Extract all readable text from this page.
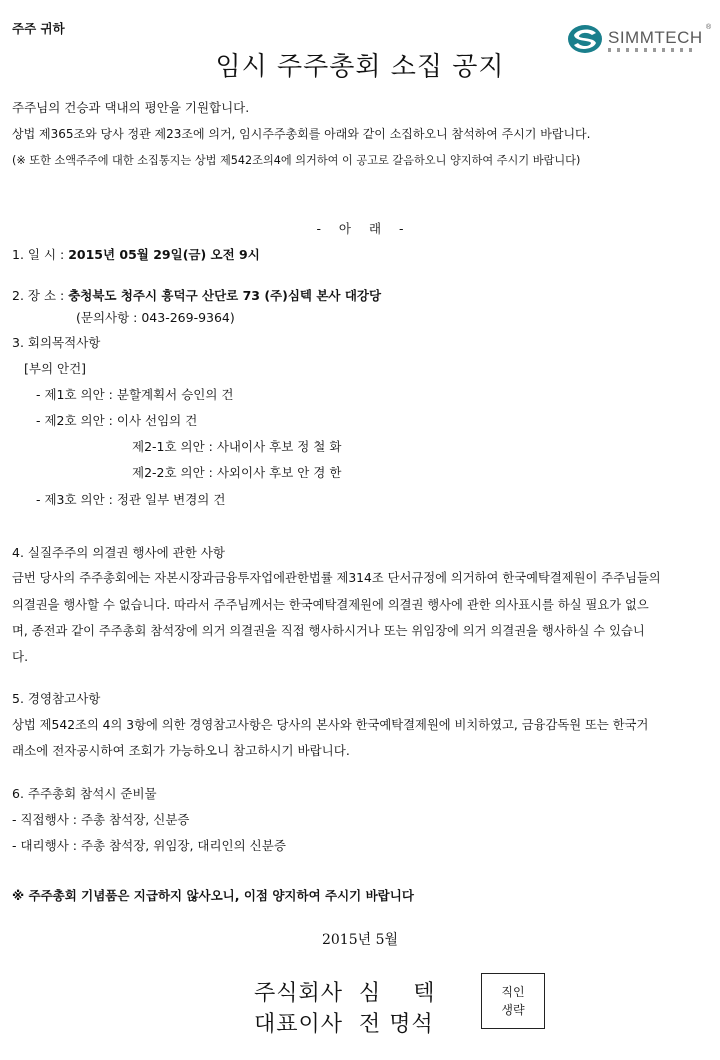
주주 귀하	SIMMTECH
®
임시 주주총회 소집 공지
주주님의 건승과 댁내의 평안을 기원합니다.
상법 제365조와 당사 정관 제23조에 의거, 임시주주총회를 아래와 같이 소집하오니 참석하여 주시기 바랍니다.
(※ 또한 소액주주에 대한 소집통지는 상법 제542조의4에 의거하여 이 공고로 갈음하오니 양지하여 주시기 바랍니다)
- 아 래 -
1. 일 시 : 2015년 05월 29일(금) 오전 9시
2. 장 소 : 충청북도 청주시 흥덕구 산단로 73 (주)심텍 본사 대강당
(문의사항 : 043-269-9364)
3. 회의목적사항
[부의 안건]
- 제1호 의안 : 분할계획서 승인의 건
- 제2호 의안 : 이사 선임의 건
제2-1호 의안 : 사내이사 후보 정 철 화
제2-2호 의안 : 사외이사 후보 안 경 한
- 제3호 의안 : 정관 일부 변경의 건
4. 실질주주의 의결권 행사에 관한 사항
금번 당사의 주주총회에는 자본시장과금융투자업에관한법률 제314조 단서규정에 의거하여 한국예탁결제원이 주주님들의
의결권을 행사할 수 없습니다. 따라서 주주님께서는 한국예탁결제원에 의결권 행사에 관한 의사표시를 하실 필요가 없으
며, 종전과 같이 주주총회 참석장에 의거 의결권을 직접 행사하시거나 또는 위임장에 의거 의결권을 행사하실 수 있습니
다.
5. 경영참고사항
상법 제542조의 4의 3항에 의한 경영참고사항은 당사의 본사와 한국예탁결제원에 비치하였고, 금융감독원 또는 한국거
래소에 전자공시하여 조회가 가능하오니 참고하시기 바랍니다.
6. 주주총회 참석시 준비물
- 직접행사 : 주총 참석장, 신분증
- 대리행사 : 주총 참석장, 위임장, 대리인의 신분증
※ 주주총회 기념품은 지급하지 않사오니, 이점 양지하여 주시기 바랍니다
2015년 5월
주식회사  심    텍
대표이사  전 명석
직인
생략
